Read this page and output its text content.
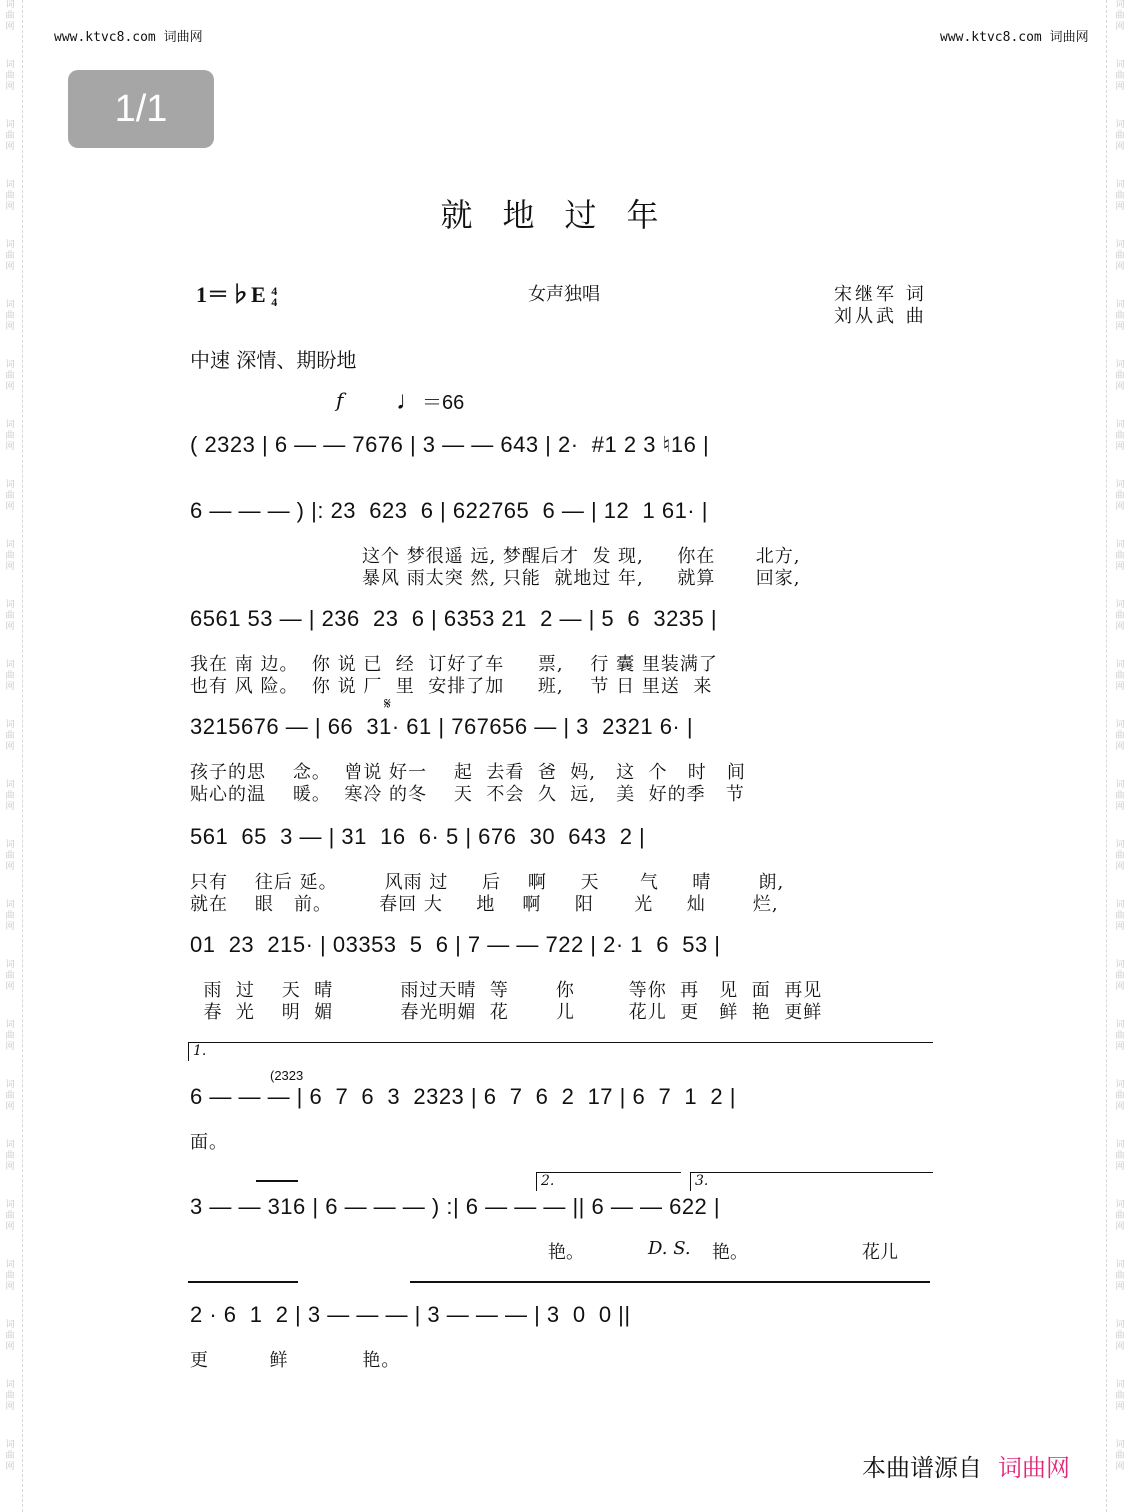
词
曲
网
词
曲
网
词
曲
网
词
曲
网
词
曲
网
词
曲
网
词
曲
网
词
曲
网
词
曲
网
词
曲
网
词
曲
网
词
曲
网
词
曲
网
词
曲
网
词
曲
网
词
曲
网
词
曲
网
词
曲
网
词
曲
网
词
曲
网
词
曲
网
词
曲
网
词
曲
网
词
曲
网
词
曲
网
词
曲
网
词
曲
网
词
曲
网
词
曲
网
词
曲
网
词
曲
网
词
曲
网
词
曲
网
词
曲
网
词
曲
网
词
曲
网
词
曲
网
词
曲
网
词
曲
网
词
曲
网
词
曲
网
词
曲
网
词
曲
网
词
曲
网
词
曲
网
词
曲
网
词
曲
网
词
曲
网
词
曲
网
词
曲
网
www.ktvc8.com 词曲网	www.ktvc8.com 词曲网
1/1
就地过年
1＝♭E 4
4	女声独唱	宋继军 词
刘从武 曲
中速 深情、期盼地
f ♩＝66
( 2323 | 6 — — 7676 | 3 — — 643 | 2·  #1 2 3 ♮16 |
6 — — — ) |: 23  623  6 | 622765  6 — | 12  1 61· |
这个 梦很遥 远, 梦醒后才  发 现,     你在      北方,
暴风 雨太突 然, 只能  就地过 年,     就算      回家,
6561 53 — | 236  23  6 | 6353 21  2 — | 5  6  3235 |
我在 南 边。  你 说 已  经  订好了车     票,    行 囊 里装满了
也有 风 险。  你 说 厂  里  安排了加     班,    节 日 里送  来
𝄋
3215676 — | 66  31· 61 | 767656 — | 3  2321 6· |
孩子的思    念。  曾说 好一    起  去看  爸  妈,   这  个   时   间
贴心的温    暖。  寒冷 的冬    天  不会  久  远,   美  好的季   节
561  65  3 — | 31  16  6· 5 | 676  30  643  2 |
只有    往后 延。       风雨 过     后    啊     天      气     晴       朗,
就在    眼   前。       春回 大     地    啊     阳      光     灿       烂,
01  23  215· | 03353  5  6 | 7 — — 722 | 2· 1  6  53 |
雨  过    天  晴          雨过天晴  等       你        等你  再   见  面  再见
春  光    明  媚          春光明媚  花       儿        花儿  更   鲜  艳  更鲜
1.
(2323
6 — — — | 6  7  6  3  2323 | 6  7  6  2  17 | 6  7  1  2 |
面。
2.	3.
3 — — 316 | 6 — — — ) :| 6 — — — || 6 — — 622 |
艳。	D. S. 艳。	花儿
2 · 6  1  2 | 3 — — — | 3 — — — | 3  0  0 ||
更         鲜           艳。
本曲谱源自 词曲网
